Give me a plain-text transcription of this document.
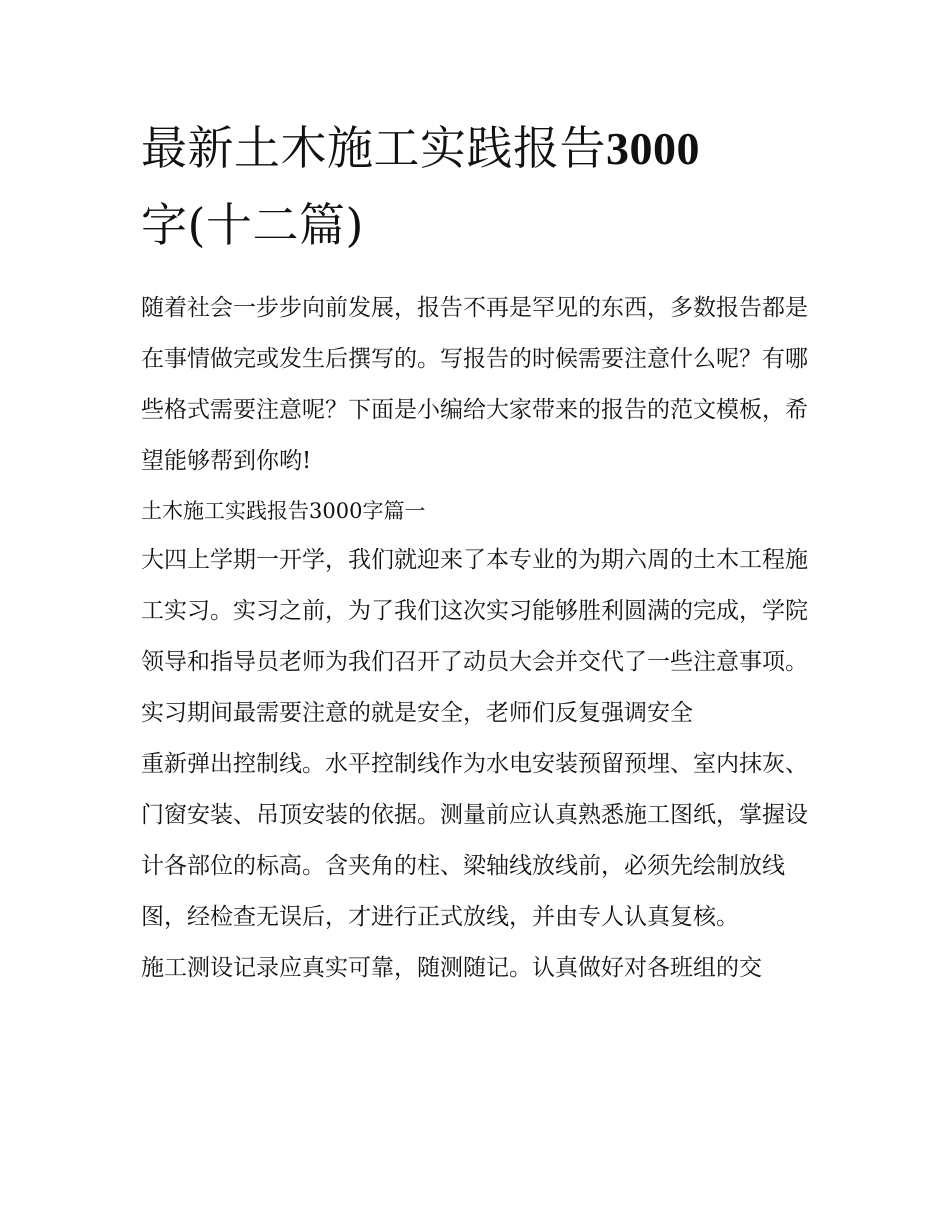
最新土木施工实践报告3000
字(十二篇)

随着社会一步步向前发展，报告不再是罕见的东西，多数报告都是在事情做完或发生后撰写的。写报告的时候需要注意什么呢？有哪些格式需要注意呢？下面是小编给大家带来的报告的范文模板，希望能够帮到你哟!

土木施工实践报告3000字篇一

大四上学期一开学，我们就迎来了本专业的为期六周的土木工程施工实习。实习之前，为了我们这次实习能够胜利圆满的完成，学院领导和指导员老师为我们召开了动员大会并交代了一些注意事项。实习期间最需要注意的就是安全，老师们反复强调安全

重新弹出控制线。水平控制线作为水电安装预留预埋、室内抹灰、门窗安装、吊顶安装的依据。测量前应认真熟悉施工图纸，掌握设计各部位的标高。含夹角的柱、梁轴线放线前，必须先绘制放线图，经检查无误后，才进行正式放线，并由专人认真复核。

施工测设记录应真实可靠，随测随记。认真做好对各班组的交
